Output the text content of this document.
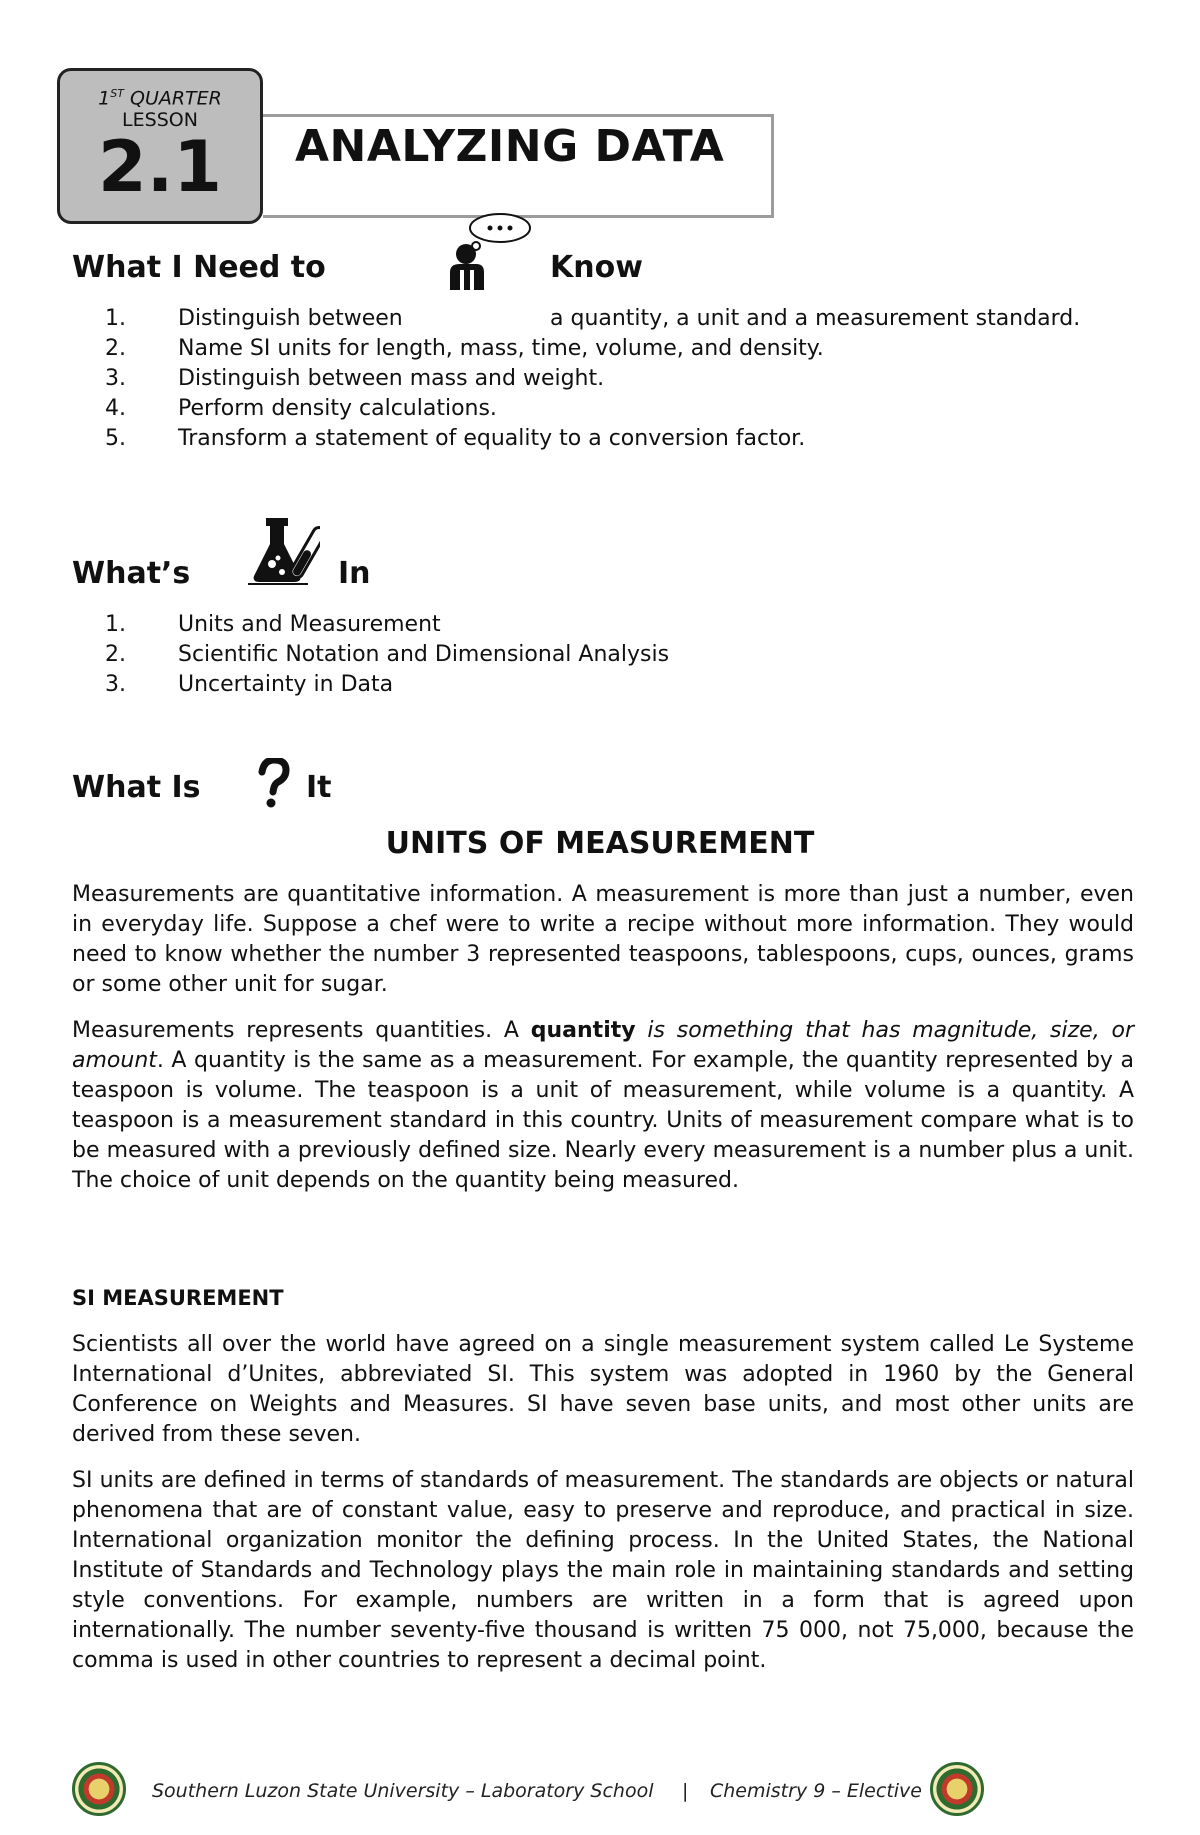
ANALYZING DATA
1ST QUARTER
LESSON
2.1
What I Need to	Know
1. Distinguish between	a quantity, a unit and a measurement standard.
2. Name SI units for length, mass, time, volume, and density.
3. Distinguish between mass and weight.
4. Perform density calculations.
5. Transform a statement of equality to a conversion factor.
What’s	In
1. Units and Measurement
2. Scientific Notation and Dimensional Analysis
3. Uncertainty in Data
What Is	It
UNITS OF MEASUREMENT

Measurements are quantitative information. A measurement is more than just a number, even in everyday life. Suppose a chef were to write a recipe without more information. They would need to know whether the number 3 represented teaspoons, tablespoons, cups, ounces, grams or some other unit for sugar.

Measurements represents quantities. A quantity is something that has magnitude, size, or amount. A quantity is the same as a measurement. For example, the quantity represented by a teaspoon is volume. The teaspoon is a unit of measurement, while volume is a quantity. A teaspoon is a measurement standard in this country. Units of measurement compare what is to be measured with a previously defined size. Nearly every measurement is a number plus a unit. The choice of unit depends on the quantity being measured.

SI MEASUREMENT

Scientists all over the world have agreed on a single measurement system called Le Systeme International d’Unites, abbreviated SI. This system was adopted in 1960 by the General Conference on Weights and Measures. SI have seven base units, and most other units are derived from these seven.

SI units are defined in terms of standards of measurement. The standards are objects or natural phenomena that are of constant value, easy to preserve and reproduce, and practical in size. International organization monitor the defining process. In the United States, the National Institute of Standards and Technology plays the main role in maintaining standards and setting style conventions. For example, numbers are written in a form that is agreed upon internationally. The number seventy-five thousand is written 75 000, not 75,000, because the comma is used in other countries to represent a decimal point.

Southern Luzon State University – Laboratory School | Chemistry 9 – Elective
